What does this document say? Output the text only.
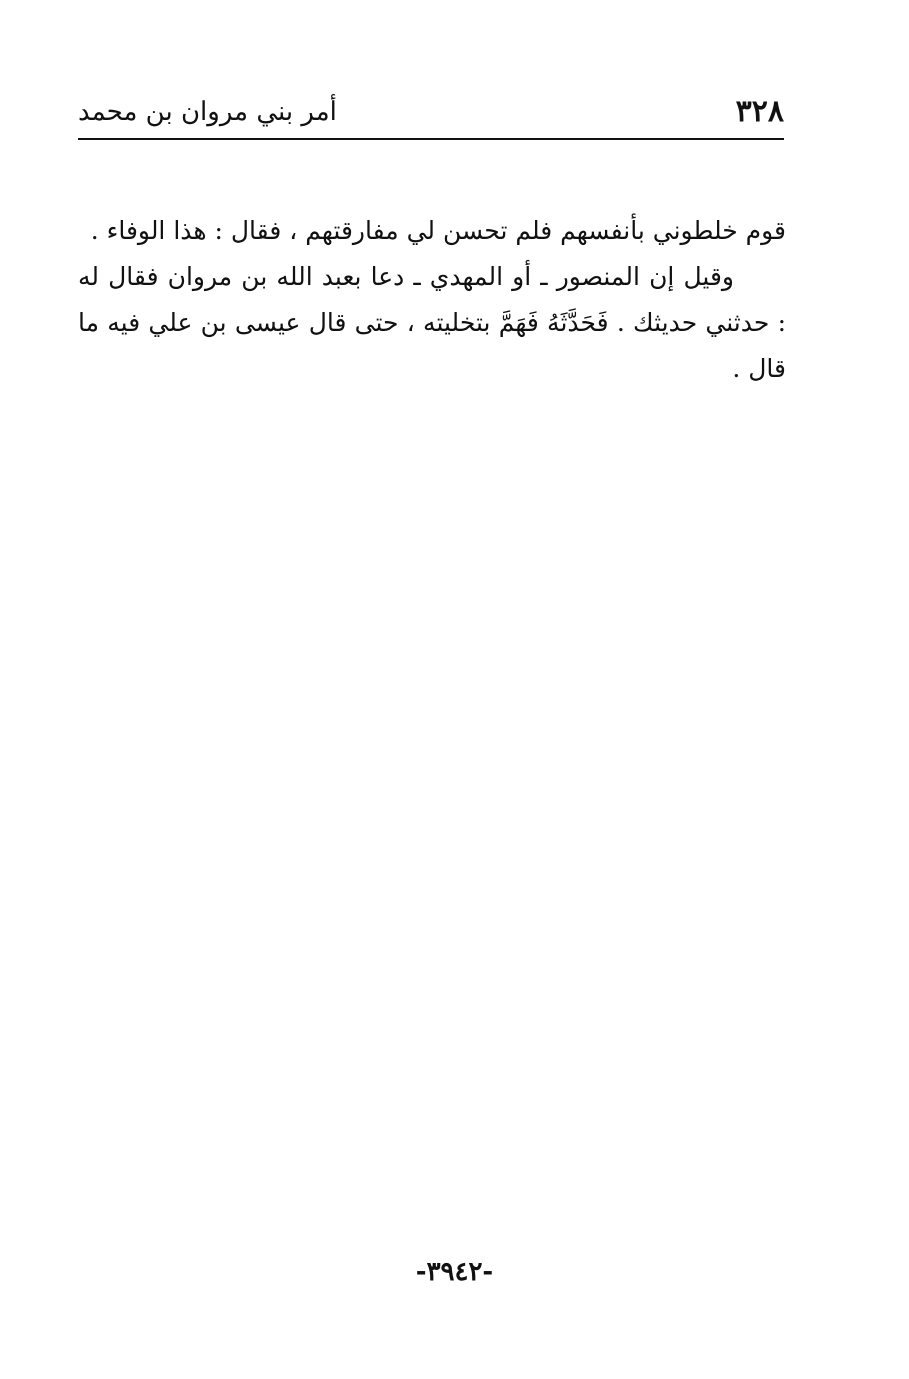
٣٢٨
أمر بني مروان بن محمد

قوم خلطوني بأنفسهم فلم تحسن لي مفارقتهم ، فقال : هذا الوفاء .

وقيل إن المنصور ـ أو المهدي ـ دعا بعبد الله بن مروان فقال له : حدثني حديثك . فَحَدَّثَهُ فَهَمَّ بتخليته ، حتى قال عيسى بن علي فيه ما قال .

-٣٩٤٢-
